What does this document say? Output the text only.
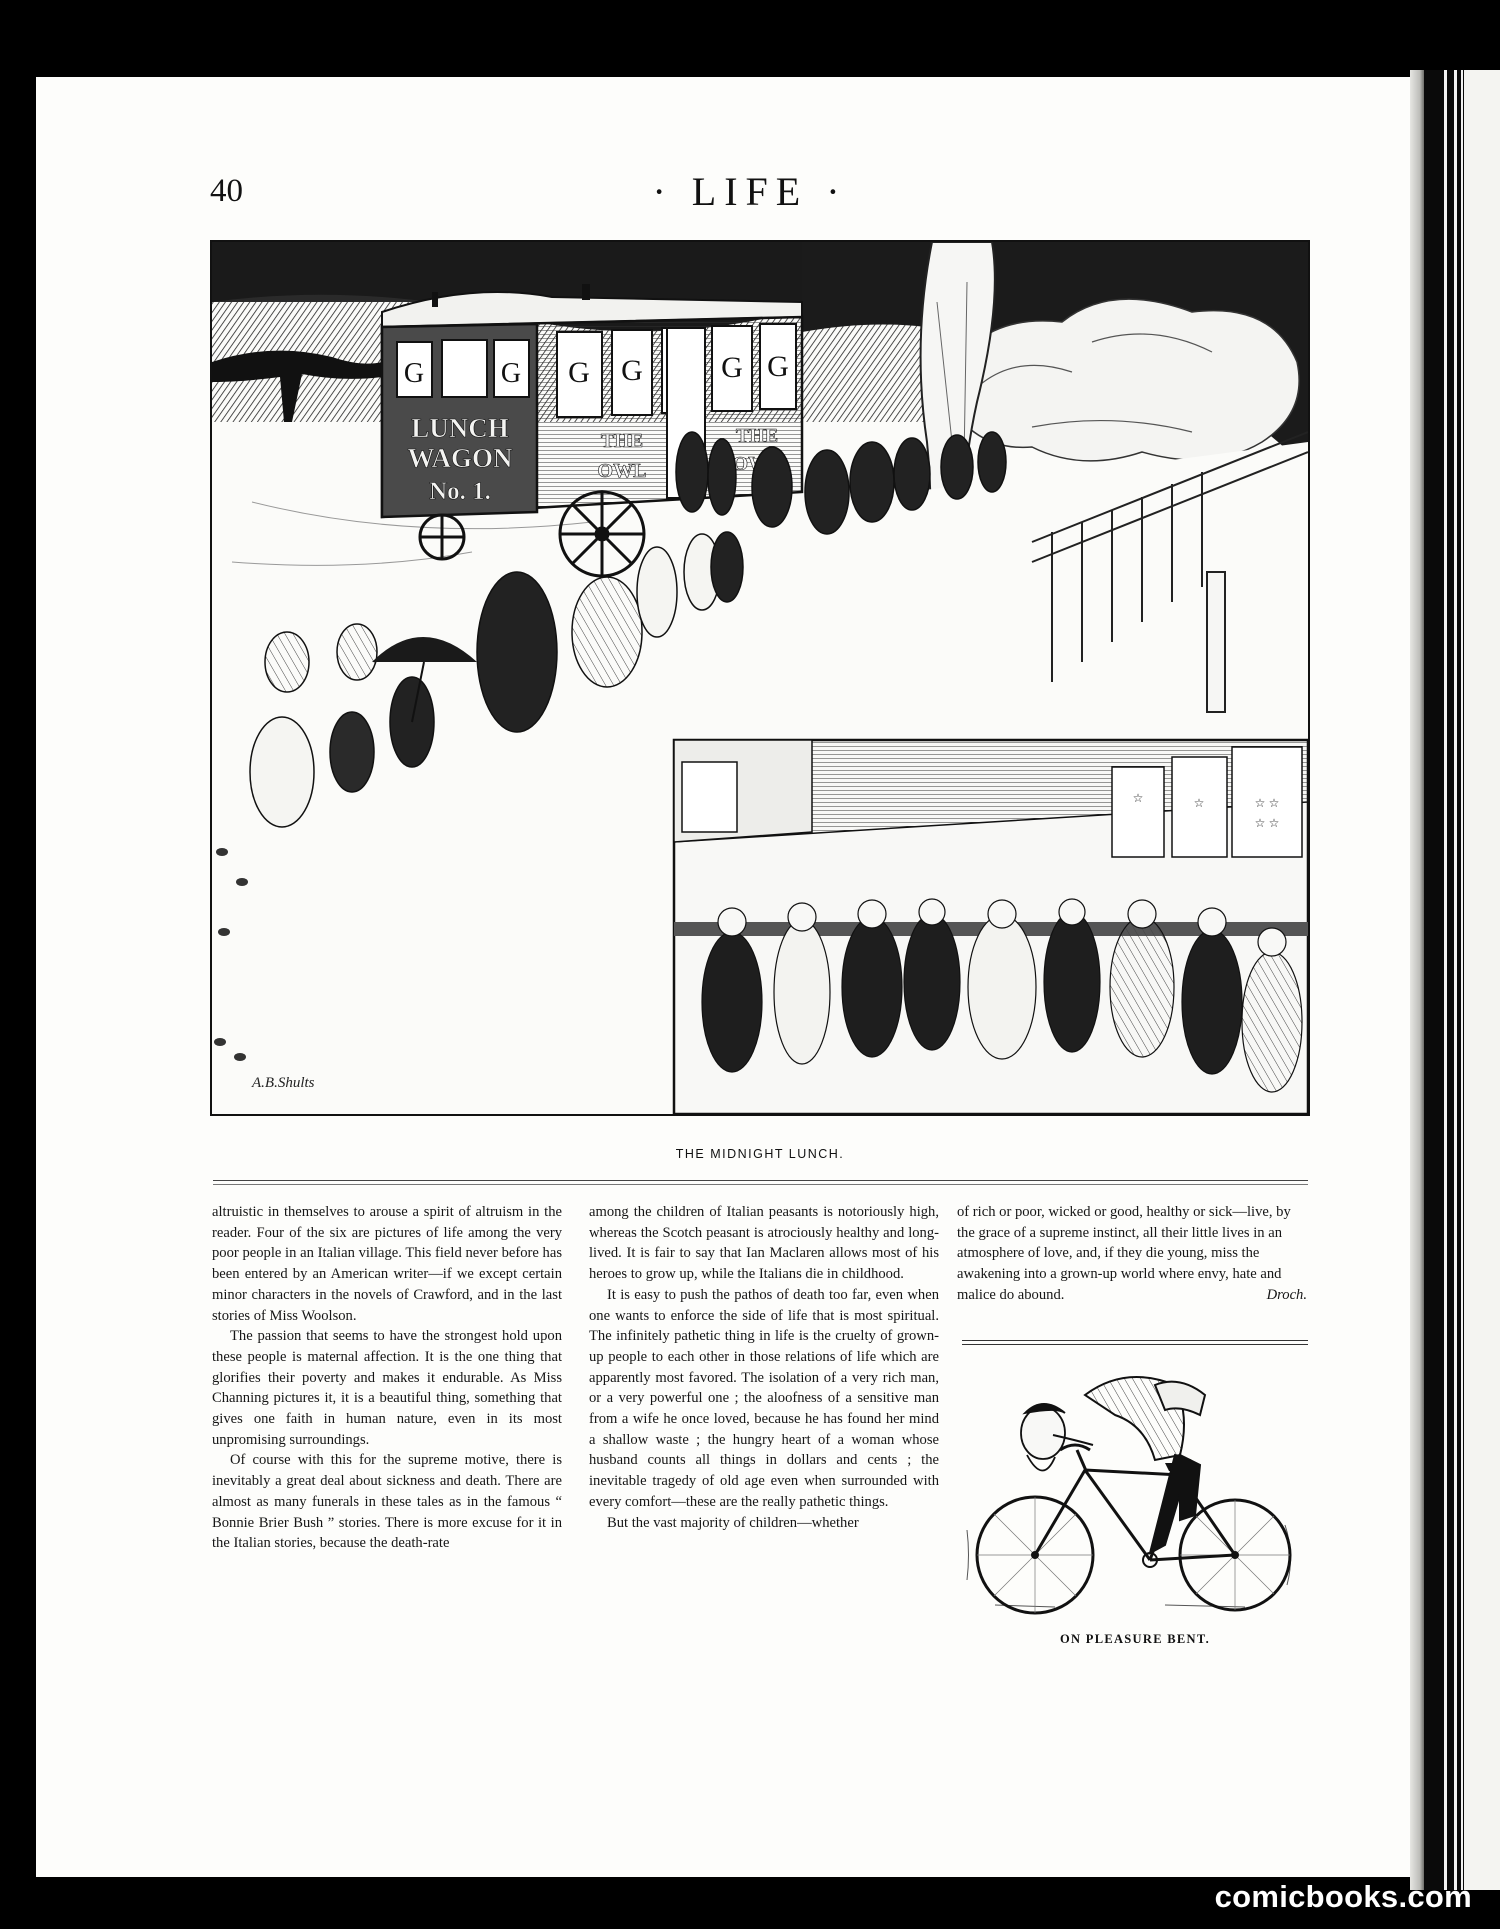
40	· LIFE ·
G	G G G	G G
LUNCH
WAGON
No. 1.
THE
OWL
THE
A.B.Shults
☆ ☆
☆ ☆
☆
☆
THE MIDNIGHT LUNCH.

altruistic in themselves to arouse a spirit of altruism in the reader. Four of the six are pictures of life among the very poor people in an Italian village. This field never before has been entered by an American writer—if we except certain minor characters in the novels of Crawford, and in the last stories of Miss Woolson.

The passion that seems to have the strongest hold upon these people is maternal affection. It is the one thing that glorifies their poverty and makes it endurable. As Miss Channing pictures it, it is a beautiful thing, something that gives one faith in human nature, even in its most unpromising surroundings.

Of course with this for the supreme motive, there is inevitably a great deal about sickness and death. There are almost as many funerals in these tales as in the famous “ Bonnie Brier Bush ” stories. There is more excuse for it in the Italian stories, because the death-rate

among the children of Italian peasants is notoriously high, whereas the Scotch peasant is atrociously healthy and long-lived. It is fair to say that Ian Maclaren allows most of his heroes to grow up, while the Italians die in childhood.

It is easy to push the pathos of death too far, even when one wants to enforce the side of life that is most spiritual. The infinitely pathetic thing in life is the cruelty of grown-up people to each other in those relations of life which are apparently most favored. The isolation of a very rich man, or a very powerful one ; the aloofness of a sensitive man from a wife he once loved, because he has found her mind a shallow waste ; the hungry heart of a woman whose husband counts all things in dollars and cents ; the inevitable tragedy of old age even when surrounded with every comfort—these are the really pathetic things.

But the vast majority of children—whether

of rich or poor, wicked or good, healthy or sick—live, by the grace of a supreme instinct, all their little lives in an atmosphere of love, and, if they die young, miss the awakening into a grown-up world where envy, hate and malice do abound.	Droch.

ON PLEASURE BENT.
comicbooks.com
